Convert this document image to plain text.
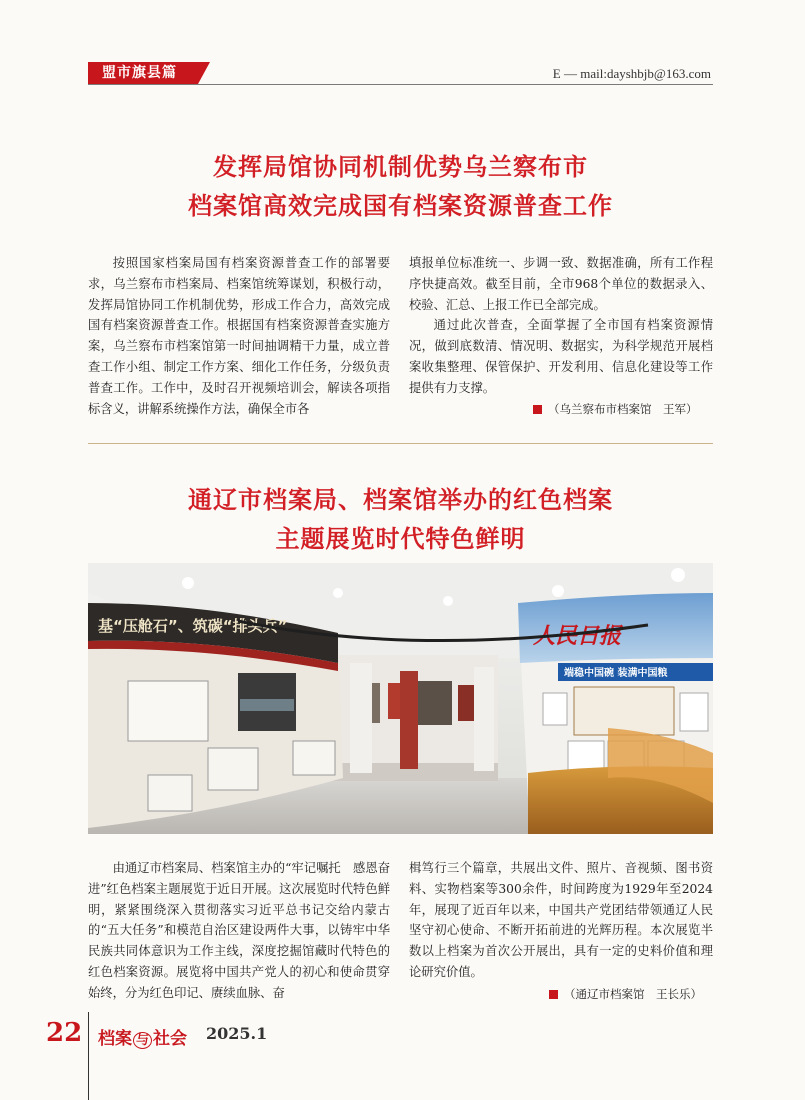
盟市旗县篇	E — mail:dayshbjb@163.com
发挥局馆协同机制优势乌兰察布市
档案馆高效完成国有档案资源普查工作

按照国家档案局国有档案资源普查工作的部署要求，乌兰察布市档案局、档案馆统筹谋划，积极行动，发挥局馆协同工作机制优势，形成工作合力，高效完成国有档案资源普查工作。根据国有档案资源普查实施方案，乌兰察布市档案馆第一时间抽调精干力量，成立普查工作小组、制定工作方案、细化工作任务，分级负责普查工作。工作中，及时召开视频培训会，解读各项指标含义，讲解系统操作方法，确保全市各

填报单位标准统一、步调一致、数据准确，所有工作程序快捷高效。截至目前，全市968个单位的数据录入、校验、汇总、上报工作已全部完成。

通过此次普查，全面掌握了全市国有档案资源情况，做到底数清、情况明、数据实，为科学规范开展档案收集整理、保管保护、开发利用、信息化建设等工作提供有力支撑。

（乌兰察布市档案馆　王军）
通辽市档案局、档案馆举办的红色档案
主题展览时代特色鲜明
基“压舱石”、筑碳“排头兵”	人民日报
端稳中国碗 装满中国粮

由通辽市档案局、档案馆主办的“牢记嘱托　感恩奋进”红色档案主题展览于近日开展。这次展览时代特色鲜明，紧紧围绕深入贯彻落实习近平总书记交给内蒙古的“五大任务”和模范自治区建设两件大事，以铸牢中华民族共同体意识为工作主线，深度挖掘馆藏时代特色的红色档案资源。展览将中国共产党人的初心和使命贯穿始终，分为红色印记、赓续血脉、奋

楫笃行三个篇章，共展出文件、照片、音视频、图书资料、实物档案等300余件，时间跨度为1929年至2024年，展现了近百年以来，中国共产党团结带领通辽人民坚守初心使命、不断开拓前进的光辉历程。本次展览半数以上档案为首次公开展出，具有一定的史料价值和理论研究价值。

（通辽市档案馆　王长乐）
22 档案 与 社会 2025.1
